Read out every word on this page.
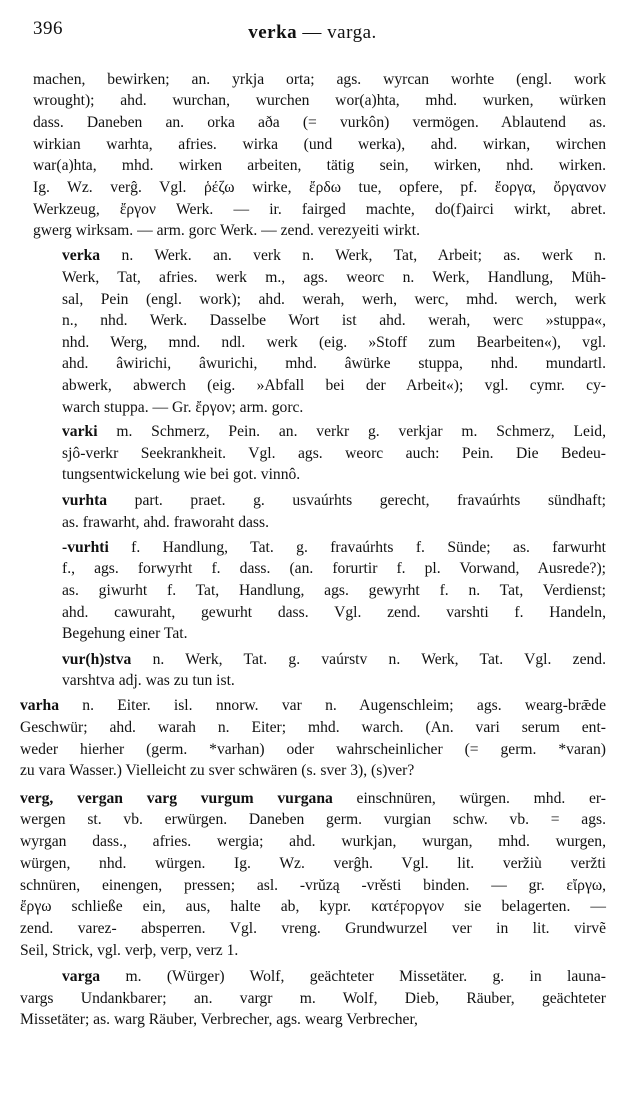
396	verka — varga.
machen, bewirken; an. yrkja orta; ags. wyrcan worhte (engl. work
wrought); ahd. wurchan, wurchen wor(a)hta, mhd. wurken, würken
dass. Daneben an. orka aða (= vurkôn) vermögen. Ablautend as.
wirkian warhta, afries. wirka (und werka), ahd. wirkan, wirchen
war(a)hta, mhd. wirken arbeiten, tätig sein, wirken, nhd. wirken.
Ig. Wz. verĝ. Vgl. ῥέζω wirke, ἔρδω tue, opfere, pf. ἔοργα, ὄργανον
Werkzeug, ἔργον Werk. — ir. fairged machte, do(f)airci wirkt, abret.
gwerg wirksam. — arm. gorc Werk. — zend. verezyeiti wirkt.
verka n. Werk. an. verk n. Werk, Tat, Arbeit; as. werk n.
Werk, Tat, afries. werk m., ags. weorc n. Werk, Handlung, Müh-
sal, Pein (engl. work); ahd. werah, werh, werc, mhd. werch, werk
n., nhd. Werk. Dasselbe Wort ist ahd. werah, werc »stuppa«,
nhd. Werg, mnd. ndl. werk (eig. »Stoff zum Bearbeiten«), vgl.
ahd. âwirichi, âwurichi, mhd. âwürke stuppa, nhd. mundartl.
abwerk, abwerch (eig. »Abfall bei der Arbeit«); vgl. cymr. cy-
warch stuppa. — Gr. ἔργον; arm. gorc.
varki m. Schmerz, Pein. an. verkr g. verkjar m. Schmerz, Leid,
sjô-verkr Seekrankheit. Vgl. ags. weorc auch: Pein. Die Bedeu-
tungsentwickelung wie bei got. vinnô.
vurhta part. praet. g. usvaúrhts gerecht, fravaúrhts sündhaft;
as. frawarht, ahd. fraworaht dass.
-vurhti f. Handlung, Tat. g. fravaúrhts f. Sünde; as. farwurht
f., ags. forwyrht f. dass. (an. forurtir f. pl. Vorwand, Ausrede?);
as. giwurht f. Tat, Handlung, ags. gewyrht f. n. Tat, Verdienst;
ahd. cawuraht, gewurht dass. Vgl. zend. varshti f. Handeln,
Begehung einer Tat.
vur(h)stva n. Werk, Tat. g. vaúrstv n. Werk, Tat. Vgl. zend.
varshtva adj. was zu tun ist.
varha n. Eiter. isl. nnorw. var n. Augenschleim; ags. wearg-brǣde
Geschwür; ahd. warah n. Eiter; mhd. warch. (An. vari serum ent-
weder hierher (germ. *varhan) oder wahrscheinlicher (= germ. *varan)
zu vara Wasser.) Vielleicht zu sver schwären (s. sver 3), (s)ver?
verg, vergan varg vurgum vurgana einschnüren, würgen. mhd. er-
wergen st. vb. erwürgen. Daneben germ. vurgian schw. vb. = ags.
wyrgan dass., afries. wergia; ahd. wurkjan, wurgan, mhd. wurgen,
würgen, nhd. würgen. Ig. Wz. verĝh. Vgl. lit. veržiù veržti
schnüren, einengen, pressen; asl. -vrŭzą -vrěsti binden. — gr. εἴργω,
ἔργω schließe ein, aus, halte ab, kypr. κατέϝοργον sie belagerten. —
zend. varez- absperren. Vgl. vreng. Grundwurzel ver in lit. virvẽ
Seil, Strick, vgl. verþ, verp, verz 1.
varga m. (Würger) Wolf, geächteter Missetäter. g. in launa-
vargs Undankbarer; an. vargr m. Wolf, Dieb, Räuber, geächteter
Missetäter; as. warg Räuber, Verbrecher, ags. wearg Verbrecher,
